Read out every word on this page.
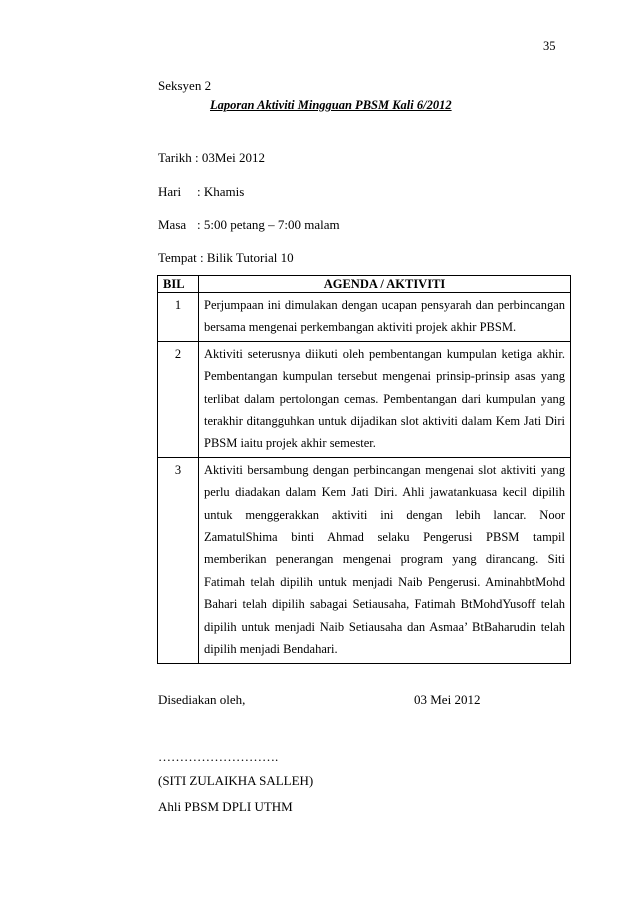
35
Seksyen 2
Laporan Aktiviti Mingguan PBSM Kali 6/2012
Tarikh : 03Mei 2012
Hari : Khamis
Masa : 5:00 petang – 7:00 malam
Tempat : Bilik Tutorial 10
BIL	AGENDA / AKTIVITI
1	Perjumpaan ini dimulakan dengan ucapan pensyarah dan perbincangan bersama mengenai perkembangan aktiviti projek akhir PBSM.
2	Aktiviti seterusnya diikuti oleh pembentangan kumpulan ketiga akhir. Pembentangan kumpulan tersebut mengenai prinsip-prinsip asas yang terlibat dalam pertolongan cemas. Pembentangan dari kumpulan yang terakhir ditangguhkan untuk dijadikan slot aktiviti dalam Kem Jati Diri PBSM iaitu projek akhir semester.
3	Aktiviti bersambung dengan perbincangan mengenai slot aktiviti yang perlu diadakan dalam Kem Jati Diri. Ahli jawatankuasa kecil dipilih untuk menggerakkan aktiviti ini dengan lebih lancar. Noor ZamatulShima binti Ahmad selaku Pengerusi PBSM tampil memberikan penerangan mengenai program yang dirancang. Siti Fatimah telah dipilih untuk menjadi Naib Pengerusi. AminahbtMohd Bahari telah dipilih sabagai Setiausaha, Fatimah BtMohdYusoff telah dipilih untuk menjadi Naib Setiausaha dan Asmaa’ BtBaharudin telah dipilih menjadi Bendahari.
Disediakan oleh,	03 Mei 2012
……………………….
(SITI ZULAIKHA SALLEH)
Ahli PBSM DPLI UTHM
